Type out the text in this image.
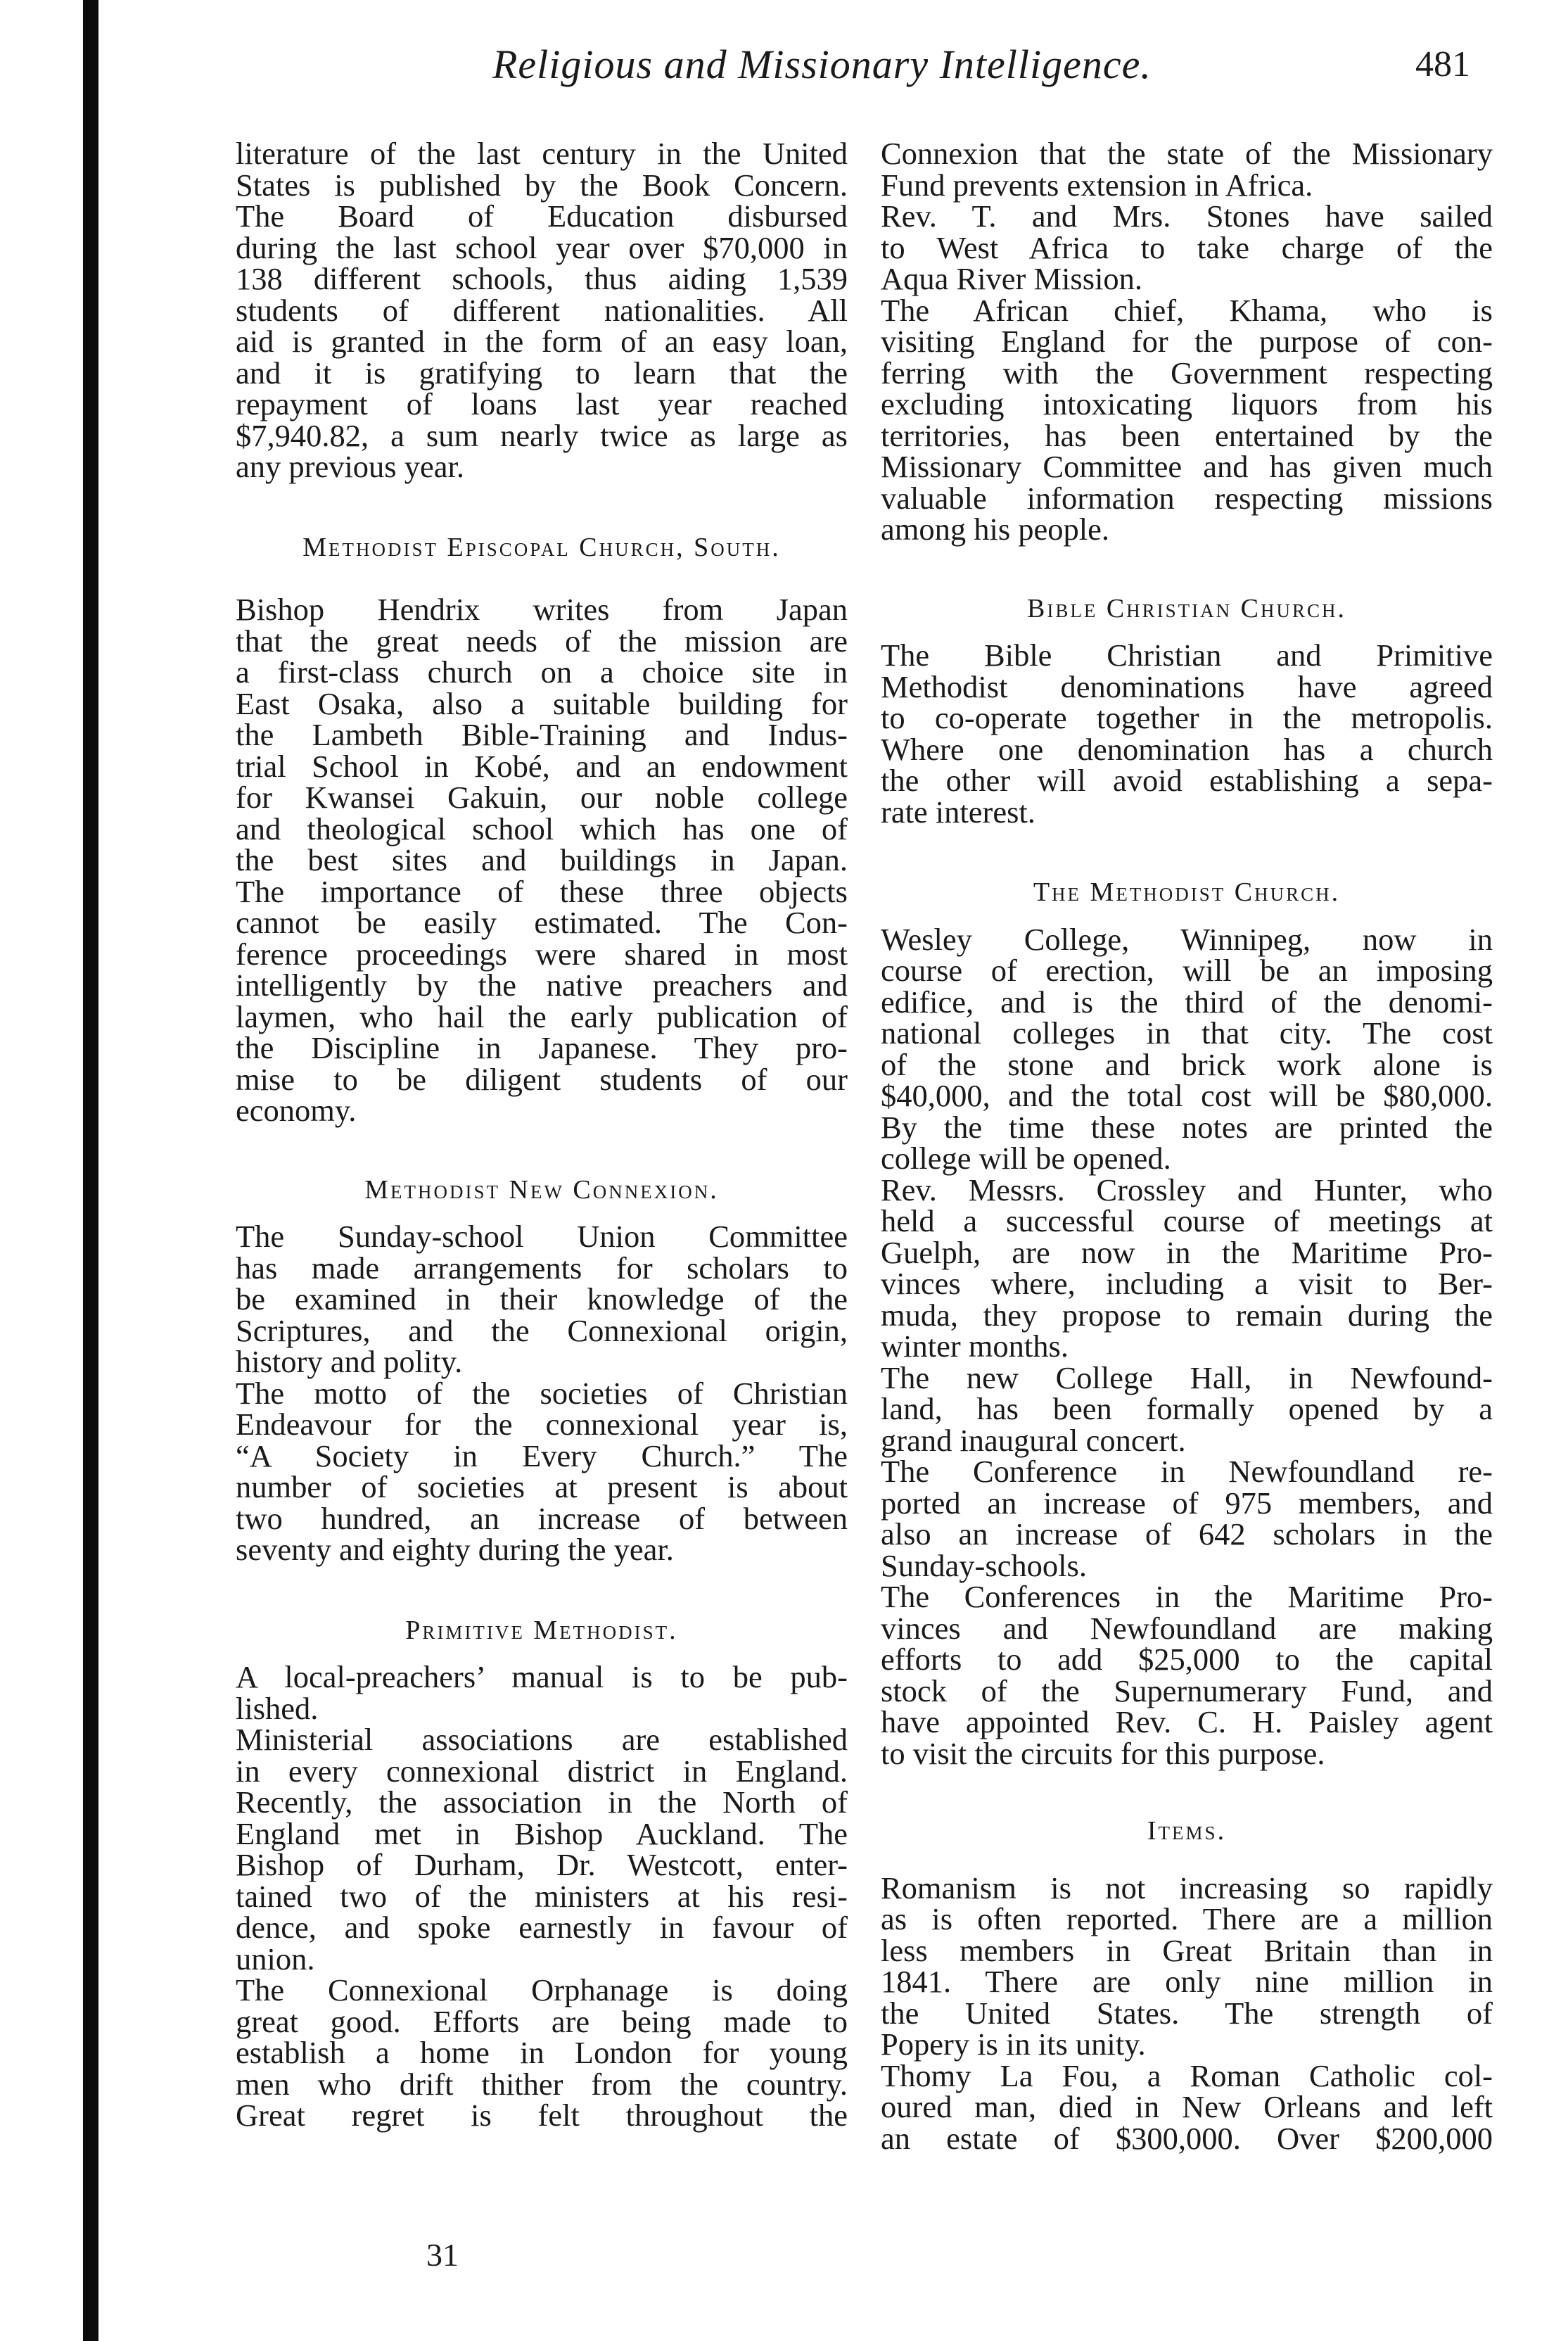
Religious and Missionary Intelligence.	481
literature of the last century in the United
States is published by the Book Concern.
The Board of Education disbursed
during the last school year over $70,000 in
138 different schools, thus aiding 1,539
students of different nationalities. All
aid is granted in the form of an easy loan,
and it is gratifying to learn that the
repayment of loans last year reached
$7,940.82, a sum nearly twice as large as
any previous year.
Methodist Episcopal Church, South.
Bishop Hendrix writes from Japan
that the great needs of the mission are
a first-class church on a choice site in
East Osaka, also a suitable building for
the Lambeth Bible-Training and Indus-
trial School in Kobé, and an endowment
for Kwansei Gakuin, our noble college
and theological school which has one of
the best sites and buildings in Japan.
The importance of these three objects
cannot be easily estimated. The Con-
ference proceedings were shared in most
intelligently by the native preachers and
laymen, who hail the early publication of
the Discipline in Japanese. They pro-
mise to be diligent students of our
economy.
Methodist New Connexion.
The Sunday-school Union Committee
has made arrangements for scholars to
be examined in their knowledge of the
Scriptures, and the Connexional origin,
history and polity.
The motto of the societies of Christian
Endeavour for the connexional year is,
“A Society in Every Church.” The
number of societies at present is about
two hundred, an increase of between
seventy and eighty during the year.
Primitive Methodist.
A local-preachers’ manual is to be pub-
lished.
Ministerial associations are established
in every connexional district in England.
Recently, the association in the North of
England met in Bishop Auckland. The
Bishop of Durham, Dr. Westcott, enter-
tained two of the ministers at his resi-
dence, and spoke earnestly in favour of
union.
The Connexional Orphanage is doing
great good. Efforts are being made to
establish a home in London for young
men who drift thither from the country.
Great regret is felt throughout the
Connexion that the state of the Missionary
Fund prevents extension in Africa.
Rev. T. and Mrs. Stones have sailed
to West Africa to take charge of the
Aqua River Mission.
The African chief, Khama, who is
visiting England for the purpose of con-
ferring with the Government respecting
excluding intoxicating liquors from his
territories, has been entertained by the
Missionary Committee and has given much
valuable information respecting missions
among his people.
Bible Christian Church.
The Bible Christian and Primitive
Methodist denominations have agreed
to co-operate together in the metropolis.
Where one denomination has a church
the other will avoid establishing a sepa-
rate interest.
The Methodist Church.
Wesley College, Winnipeg, now in
course of erection, will be an imposing
edifice, and is the third of the denomi-
national colleges in that city. The cost
of the stone and brick work alone is
$40,000, and the total cost will be $80,000.
By the time these notes are printed the
college will be opened.
Rev. Messrs. Crossley and Hunter, who
held a successful course of meetings at
Guelph, are now in the Maritime Pro-
vinces where, including a visit to Ber-
muda, they propose to remain during the
winter months.
The new College Hall, in Newfound-
land, has been formally opened by a
grand inaugural concert.
The Conference in Newfoundland re-
ported an increase of 975 members, and
also an increase of 642 scholars in the
Sunday-schools.
The Conferences in the Maritime Pro-
vinces and Newfoundland are making
efforts to add $25,000 to the capital
stock of the Supernumerary Fund, and
have appointed Rev. C. H. Paisley agent
to visit the circuits for this purpose.
Items.
Romanism is not increasing so rapidly
as is often reported. There are a million
less members in Great Britain than in
1841. There are only nine million in
the United States. The strength of
Popery is in its unity.
Thomy La Fou, a Roman Catholic col-
oured man, died in New Orleans and left
an estate of $300,000. Over $200,000
31
